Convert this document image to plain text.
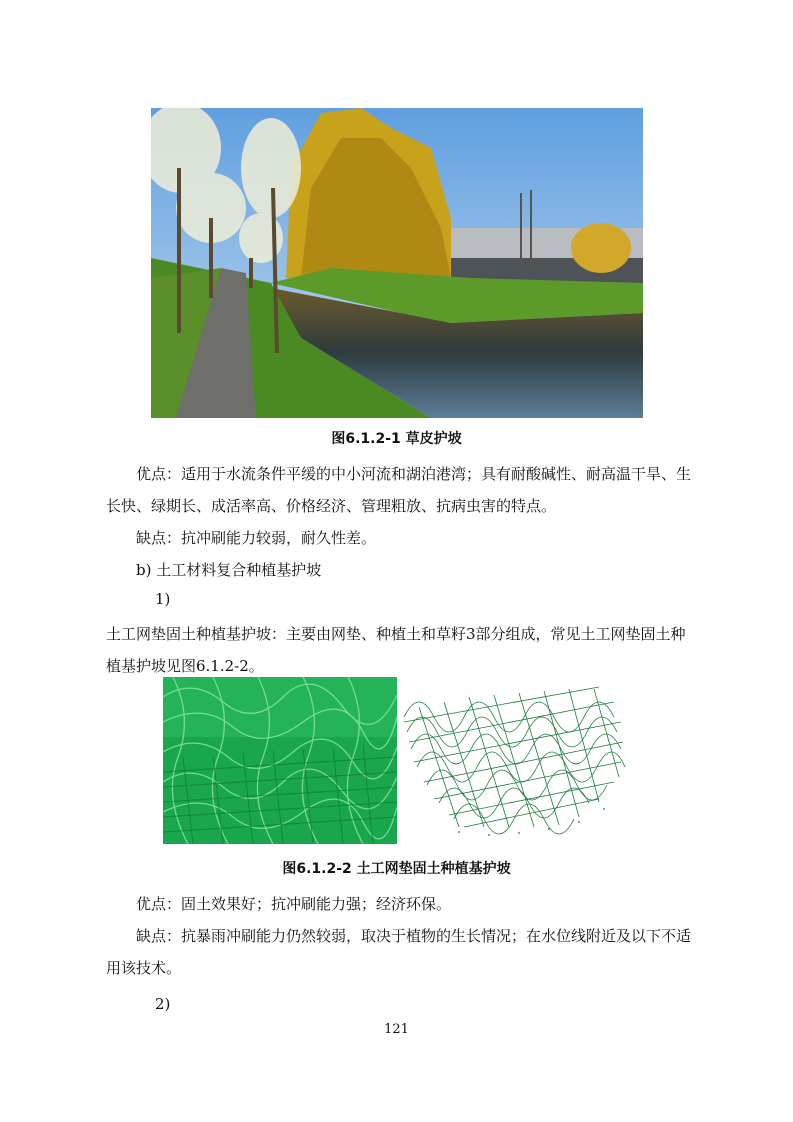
图6.1.2-1 草皮护坡
优点：适用于水流条件平缓的中小河流和湖泊港湾；具有耐酸碱性、耐高温干旱、生长快、绿期长、成活率高、价格经济、管理粗放、抗病虫害的特点。
缺点：抗冲刷能力较弱，耐久性差。
b) 土工材料复合种植基护坡
1)
土工网垫固土种植基护坡：主要由网垫、种植土和草籽3部分组成，常见土工网垫固土种植基护坡见图6.1.2-2。
图6.1.2-2 土工网垫固土种植基护坡
优点：固土效果好；抗冲刷能力强；经济环保。
缺点：抗暴雨冲刷能力仍然较弱，取决于植物的生长情况；在水位线附近及以下不适用该技术。
2)
121
